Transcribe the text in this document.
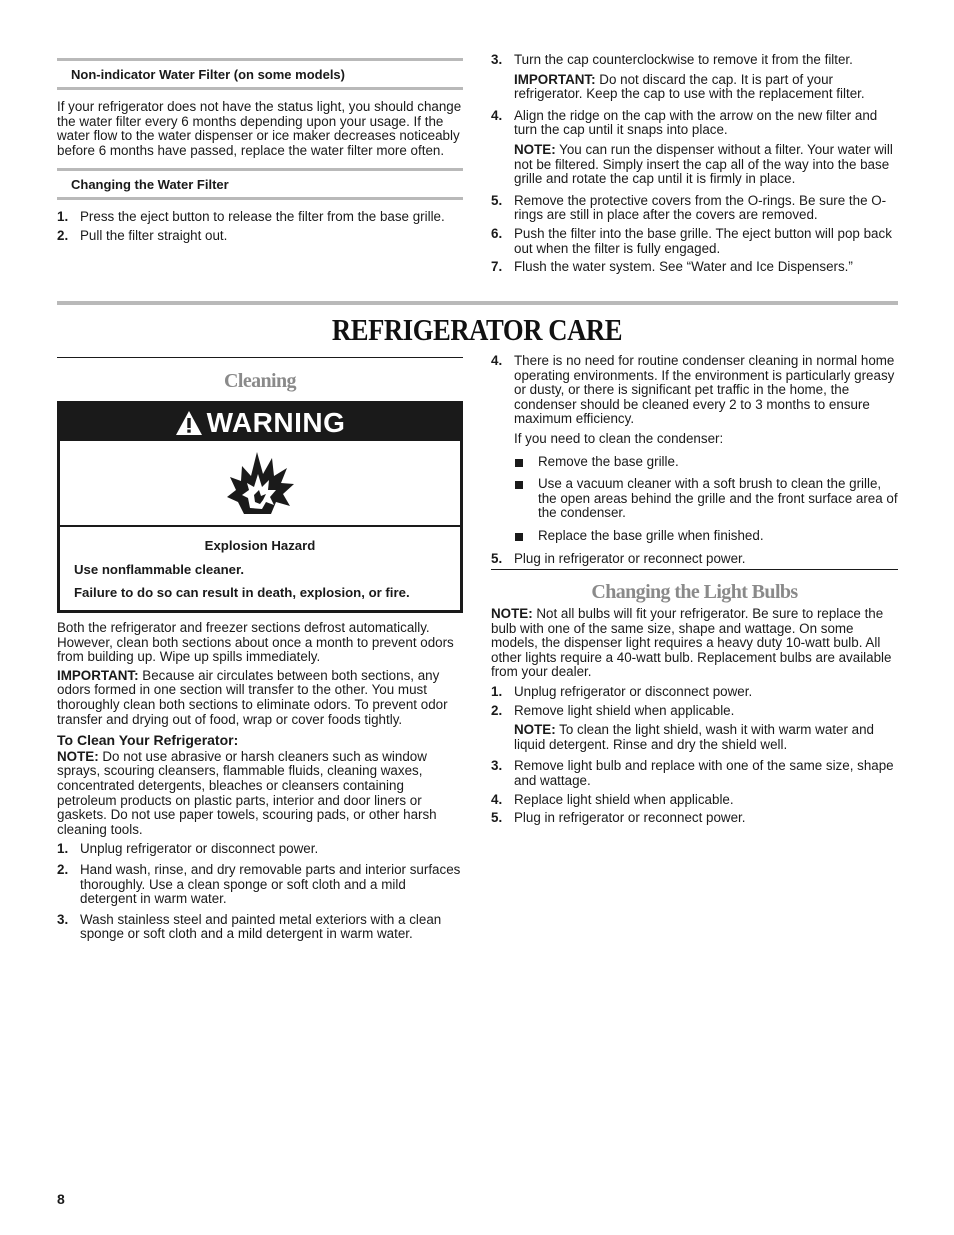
Non-indicator Water Filter (on some models)

If your refrigerator does not have the status light, you should change the water filter every 6 months depending upon your usage. If the water flow to the water dispenser or ice maker decreases noticeably before 6 months have passed, replace the water filter more often.

Changing the Water Filter
1. Press the eject button to release the filter from the base grille.
2. Pull the filter straight out.
3. Turn the cap counterclockwise to remove it from the filter.
IMPORTANT: Do not discard the cap. It is part of your refrigerator. Keep the cap to use with the replacement filter.
4. Align the ridge on the cap with the arrow on the new filter and turn the cap until it snaps into place.
NOTE: You can run the dispenser without a filter. Your water will not be filtered. Simply insert the cap all of the way into the base grille and rotate the cap until it is firmly in place.
5. Remove the protective covers from the O-rings. Be sure the O-rings are still in place after the covers are removed.
6. Push the filter into the base grille. The eject button will pop back out when the filter is fully engaged.
7. Flush the water system. See “Water and Ice Dispensers.”
REFRIGERATOR CARE
Cleaning
WARNING

Explosion Hazard

Use nonflammable cleaner.

Failure to do so can result in death, explosion, or fire.

Both the refrigerator and freezer sections defrost automatically. However, clean both sections about once a month to prevent odors from building up. Wipe up spills immediately.

IMPORTANT: Because air circulates between both sections, any odors formed in one section will transfer to the other. You must thoroughly clean both sections to eliminate odors. To prevent odor transfer and drying out of food, wrap or cover foods tightly.

To Clean Your Refrigerator:

NOTE: Do not use abrasive or harsh cleaners such as window sprays, scouring cleansers, flammable fluids, cleaning waxes, concentrated detergents, bleaches or cleansers containing petroleum products on plastic parts, interior and door liners or gaskets. Do not use paper towels, scouring pads, or other harsh cleaning tools.

1. Unplug refrigerator or disconnect power.
2. Hand wash, rinse, and dry removable parts and interior surfaces thoroughly. Use a clean sponge or soft cloth and a mild detergent in warm water.
3. Wash stainless steel and painted metal exteriors with a clean sponge or soft cloth and a mild detergent in warm water.
4. There is no need for routine condenser cleaning in normal home operating environments. If the environment is particularly greasy or dusty, or there is significant pet traffic in the home, the condenser should be cleaned every 2 to 3 months to ensure maximum efficiency.
If you need to clean the condenser:
Remove the base grille.
Use a vacuum cleaner with a soft brush to clean the grille, the open areas behind the grille and the front surface area of the condenser.
Replace the base grille when finished.
5. Plug in refrigerator or reconnect power.
Changing the Light Bulbs

NOTE: Not all bulbs will fit your refrigerator. Be sure to replace the bulb with one of the same size, shape and wattage. On some models, the dispenser light requires a heavy duty 10-watt bulb. All other lights require a 40-watt bulb. Replacement bulbs are available from your dealer.

1. Unplug refrigerator or disconnect power.
2. Remove light shield when applicable.
NOTE: To clean the light shield, wash it with warm water and liquid detergent. Rinse and dry the shield well.
3. Remove light bulb and replace with one of the same size, shape and wattage.
4. Replace light shield when applicable.
5. Plug in refrigerator or reconnect power.
8
